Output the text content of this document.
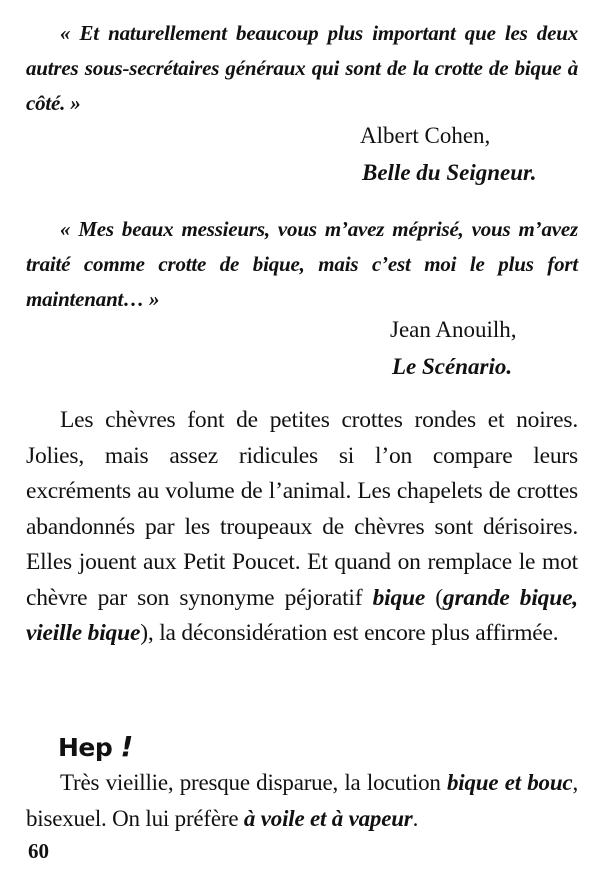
« Et naturellement beaucoup plus important que les deux autres sous-secrétaires généraux qui sont de la crotte de bique à côté. »
Albert Cohen,
Belle du Seigneur.
« Mes beaux messieurs, vous m’avez méprisé, vous m’avez traité comme crotte de bique, mais c’est moi le plus fort maintenant… »
Jean Anouilh,
Le Scénario.

Les chèvres font de petites crottes rondes et noires. Jolies, mais assez ridicules si l’on compare leurs excréments au volume de l’animal. Les chapelets de crottes abandonnés par les troupeaux de chèvres sont dérisoires. Elles jouent aux Petit Poucet. Et quand on remplace le mot chèvre par son synonyme péjoratif bique (grande bique, vieille bique), la déconsidération est encore plus affirmée.

Hep !

Très vieillie, presque disparue, la locution bique et bouc, bisexuel. On lui préfère à voile et à vapeur.

60
